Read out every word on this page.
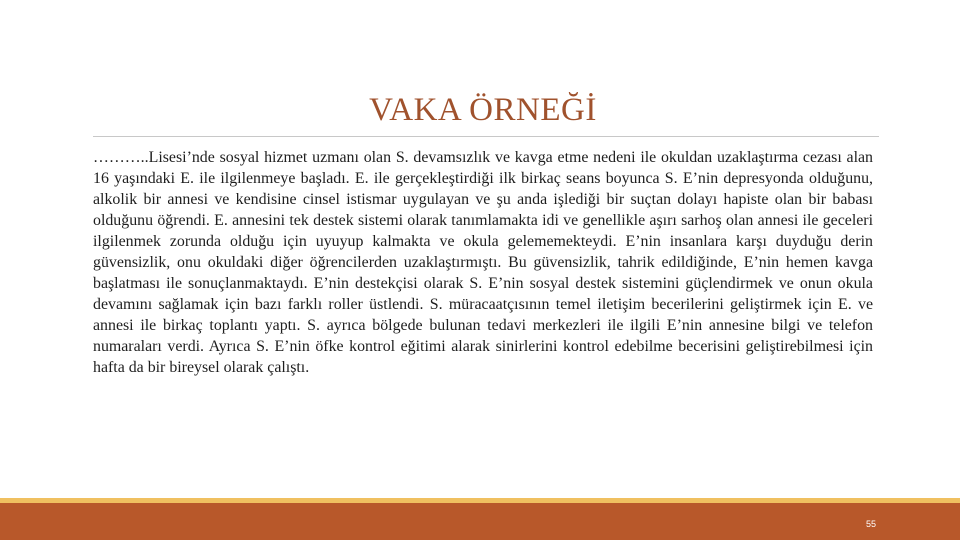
VAKA ÖRNEĞİ
………..Lisesi’nde sosyal hizmet uzmanı olan S. devamsızlık ve kavga etme nedeni ile okuldan uzaklaştırma cezası alan 16 yaşındaki E. ile ilgilenmeye başladı. E. ile gerçekleştirdiği ilk birkaç seans boyunca S. E’nin depresyonda olduğunu, alkolik bir annesi ve kendisine cinsel istismar uygulayan ve şu anda işlediği bir suçtan dolayı hapiste olan bir babası olduğunu öğrendi. E. annesini tek destek sistemi olarak tanımlamakta idi ve genellikle aşırı sarhoş olan annesi ile geceleri ilgilenmek zorunda olduğu için uyuyup kalmakta ve okula gelememekteydi. E’nin insanlara karşı duyduğu derin güvensizlik, onu okuldaki diğer öğrencilerden uzaklaştırmıştı. Bu güvensizlik, tahrik edildiğinde, E’nin hemen kavga başlatması ile sonuçlanmaktaydı. E’nin destekçisi olarak S. E’nin sosyal destek sistemini güçlendirmek ve onun okula devamını sağlamak için bazı farklı roller üstlendi. S. müracaatçısının temel iletişim becerilerini geliştirmek için E. ve annesi ile birkaç toplantı yaptı. S. ayrıca bölgede bulunan tedavi merkezleri ile ilgili E’nin annesine bilgi ve telefon numaraları verdi. Ayrıca S. E’nin öfke kontrol eğitimi alarak sinirlerini kontrol edebilme becerisini geliştirebilmesi için hafta da bir bireysel olarak çalıştı.
55
